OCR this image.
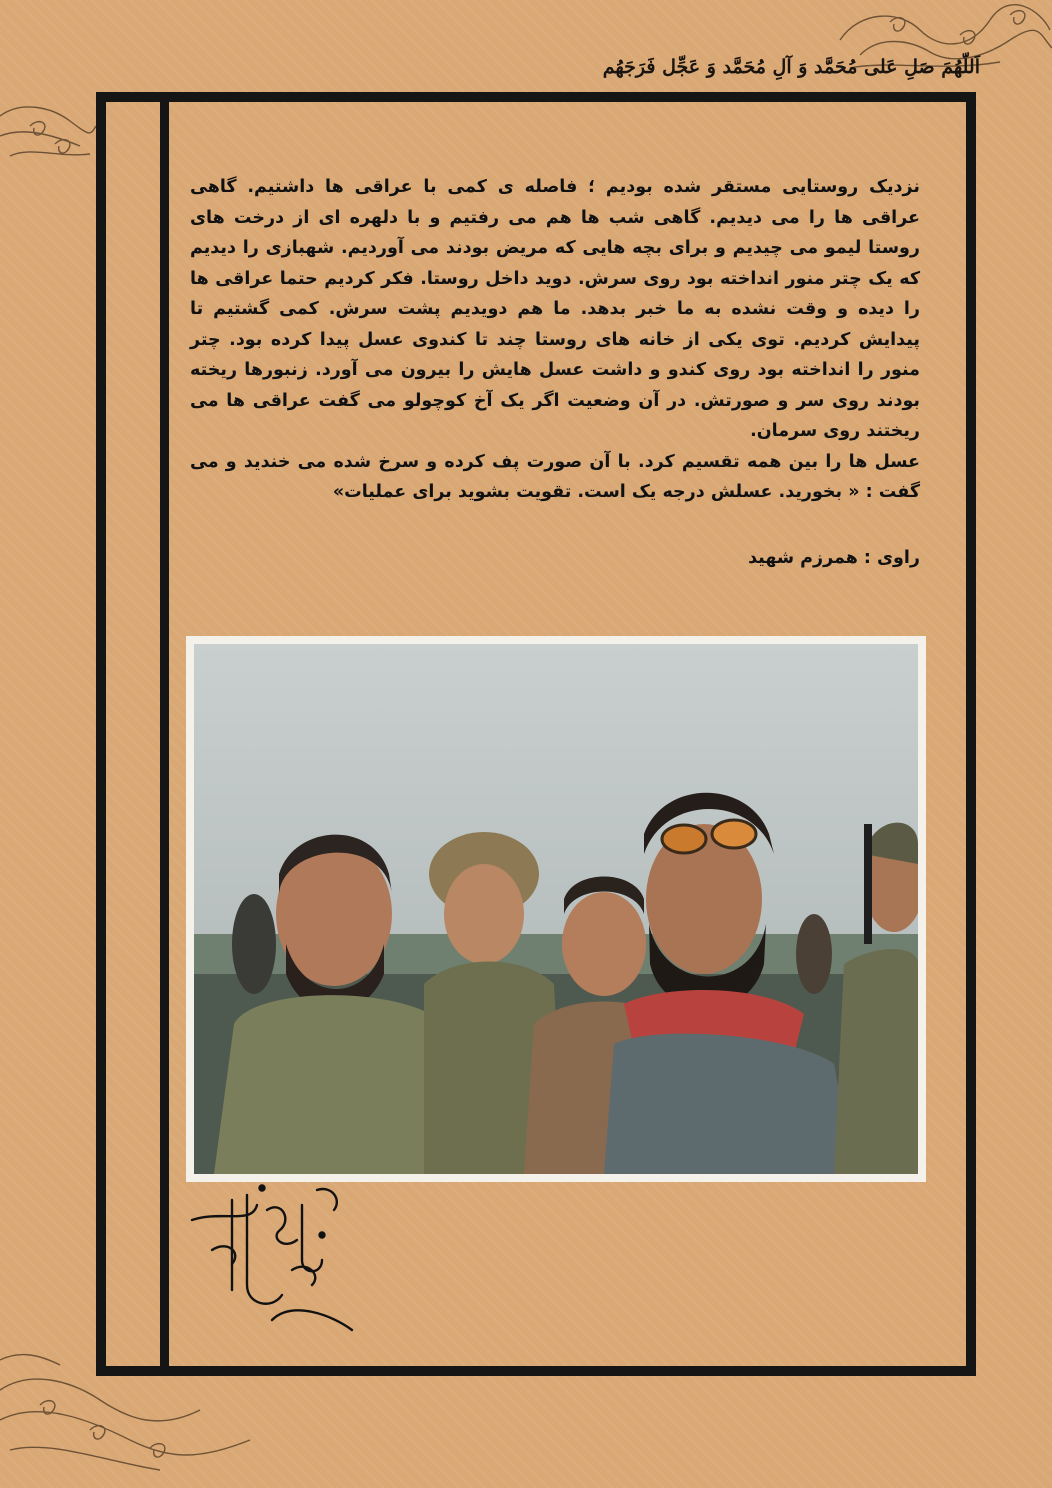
اَللّهُمَ صَلِ عَلی مُحَمَّد وَ آلِ مُحَمَّد وَ عَجِّل فَرَجَهُم

نزدیک روستایی مستقر شده بودیم ؛ فاصله ی کمی با عراقی ها داشتیم. گاهی عراقی ها را می دیدیم. گاهی شب ها هم می رفتیم و با دلهره ای از درخت های روستا لیمو می چیدیم و برای بچه هایی که مریض بودند می آوردیم. شهبازی را دیدیم که یک چتر منور انداخته بود روی سرش. دوید داخل روستا. فکر کردیم حتما عراقی ها را دیده و وقت نشده به ما خبر بدهد. ما هم دویدیم پشت سرش. کمی گشتیم تا پیدایش کردیم. توی یکی از خانه های روستا چند تا کندوی عسل پیدا کرده بود. چتر منور را انداخته بود روی کندو و داشت عسل هایش را بیرون می آورد. زنبورها ریخته بودند روی سر و صورتش. در آن وضعیت اگر یک آخ کوچولو می گفت عراقی ها می ریختند روی سرمان.

عسل ها را بین همه تقسیم کرد. با آن صورت پف کرده و سرخ شده می خندید و می گفت : « بخورید. عسلش درجه یک است. تقویت بشوید برای عملیات»

راوی : همرزم شهید
